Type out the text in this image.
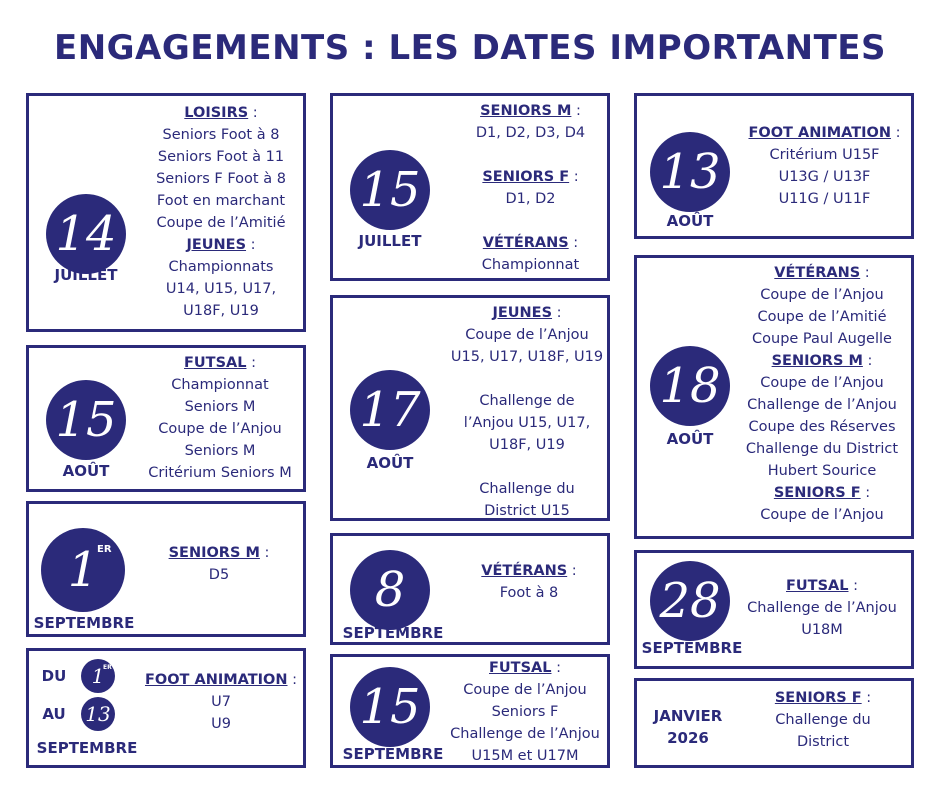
ENGAGEMENTS : LES DATES IMPORTANTES
14
JUILLET
LOISIRS :
Seniors Foot à 8
Seniors Foot à 11
Seniors F Foot à 8
Foot en marchant
Coupe de l’Amitié
JEUNES :
Championnats
U14, U15, U17,
U18F, U19
15
JUILLET
SENIORS M :
D1, D2, D3, D4
SENIORS F :
D1, D2
VÉTÉRANS :
Championnat
13
AOÛT
FOOT ANIMATION :
Critérium U15F
U13G / U13F
U11G / U11F
15
AOÛT
FUTSAL :
Championnat
Seniors M
Coupe de l’Anjou
Seniors M
Critérium Seniors M
17
AOÛT
JEUNES :
Coupe de l’Anjou
U15, U17, U18F, U19
Challenge de
l’Anjou U15, U17,
U18F, U19
Challenge du
District U15
18
AOÛT
VÉTÉRANS :
Coupe de l’Anjou
Coupe de l’Amitié
Coupe Paul Augelle
SENIORS M :
Coupe de l’Anjou
Challenge de l’Anjou
Coupe des Réserves
Challenge du District
Hubert Sourice
SENIORS F :
Coupe de l’Anjou
1
ER
SEPTEMBRE
SENIORS M :
D5	8
SEPTEMBRE
VÉTÉRANS :
Foot à 8	28
SEPTEMBRE
FUTSAL :
Challenge de l’Anjou
U18M
DU	1
ER
AU 13
SEPTEMBRE
FOOT ANIMATION :
U7
U9	15
SEPTEMBRE
FUTSAL :
Coupe de l’Anjou
Seniors F
Challenge de l’Anjou
U15M et U17M
JANVIER
2026
SENIORS F :
Challenge du
District
